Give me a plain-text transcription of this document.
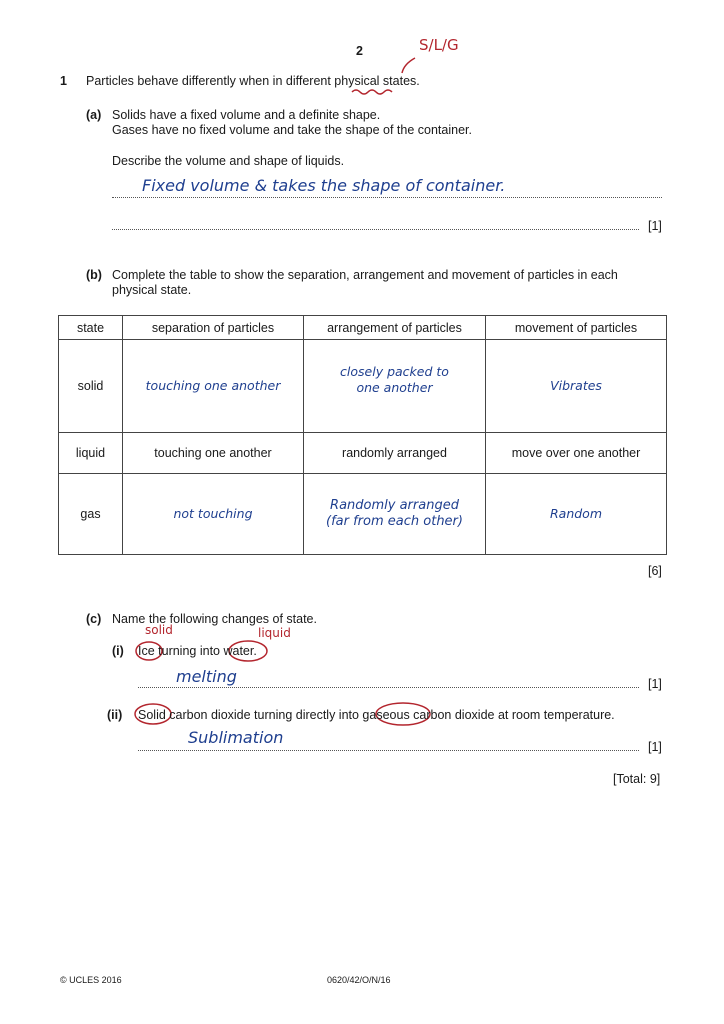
2	S/L/G
1 Particles behave differently when in different physical states.
(a) Solids have a fixed volume and a definite shape.
Gases have no fixed volume and take the shape of the container.
Describe the volume and shape of liquids.
Fixed volume & takes the shape of container.
[1]
(b) Complete the table to show the separation, arrangement and movement of particles in each
physical state.
state	separation of particles	arrangement of particles	movement of particles
solid	touching one another	closely packed to one another	Vibrates
liquid	touching one another	randomly arranged	move over one another
gas	not touching	Randomly arranged (far from each other)	Random
[6]
(c) Name the following changes of state.
solid	liquid
(i) Ice turning into water.
melting	[1]
(ii) Solid carbon dioxide turning directly into gaseous carbon dioxide at room temperature.
Sublimation	[1]
[Total: 9]
© UCLES 2016	0620/42/O/N/16
